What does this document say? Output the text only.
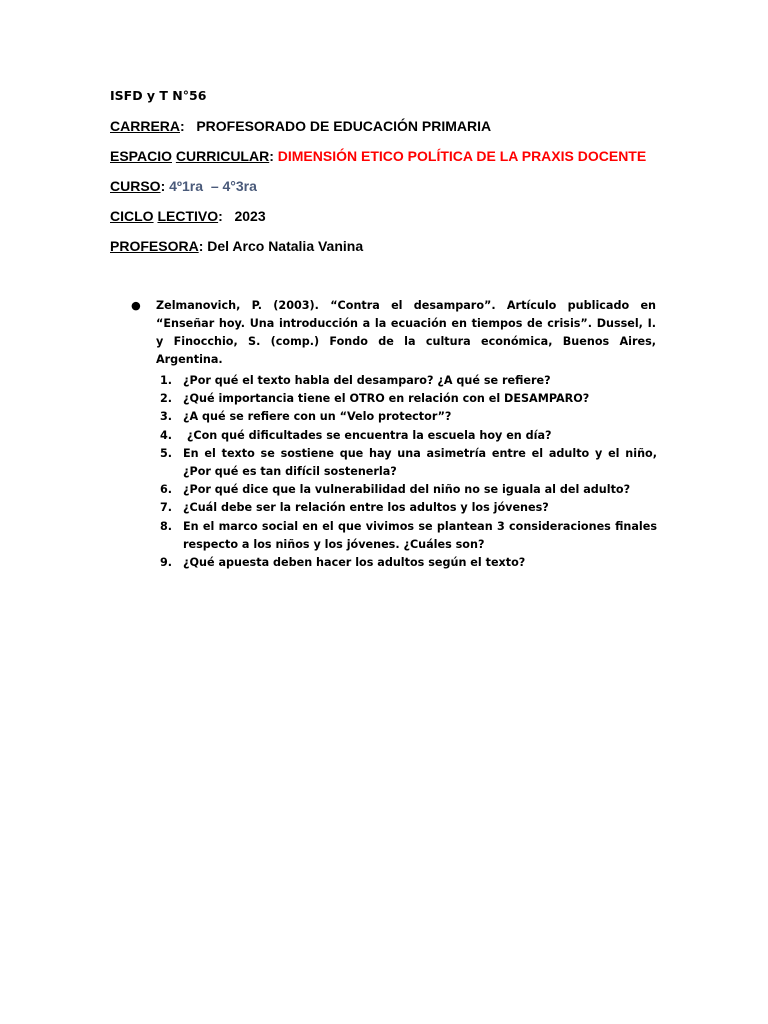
ISFD y T N°56
CARRERA:   PROFESORADO DE EDUCACIÓN PRIMARIA
ESPACIO CURRICULAR: DIMENSIÓN ETICO POLÍTICA DE LA PRAXIS DOCENTE
CURSO: 4º1ra  – 4°3ra
CICLO LECTIVO:   2023
PROFESORA: Del Arco Natalia Vanina
● Zelmanovich, P. (2003). “Contra el desamparo”. Artículo publicado en “Enseñar hoy. Una introducción a la ecuación en tiempos de crisis”. Dussel, I. y Finocchio, S. (comp.) Fondo de la cultura económica, Buenos Aires, Argentina.
1. ¿Por qué el texto habla del desamparo? ¿A qué se refiere?
2. ¿Qué importancia tiene el OTRO en relación con el DESAMPARO?
3. ¿A qué se refiere con un “Velo protector”?
4. ¿Con qué dificultades se encuentra la escuela hoy en día?
5. En el texto se sostiene que hay una asimetría entre el adulto y el niño, ¿Por qué es tan difícil sostenerla?
6. ¿Por qué dice que la vulnerabilidad del niño no se iguala al del adulto?
7. ¿Cuál debe ser la relación entre los adultos y los jóvenes?
8. En el marco social en el que vivimos se plantean 3 consideraciones finales respecto a los niños y los jóvenes. ¿Cuáles son?
9. ¿Qué apuesta deben hacer los adultos según el texto?
